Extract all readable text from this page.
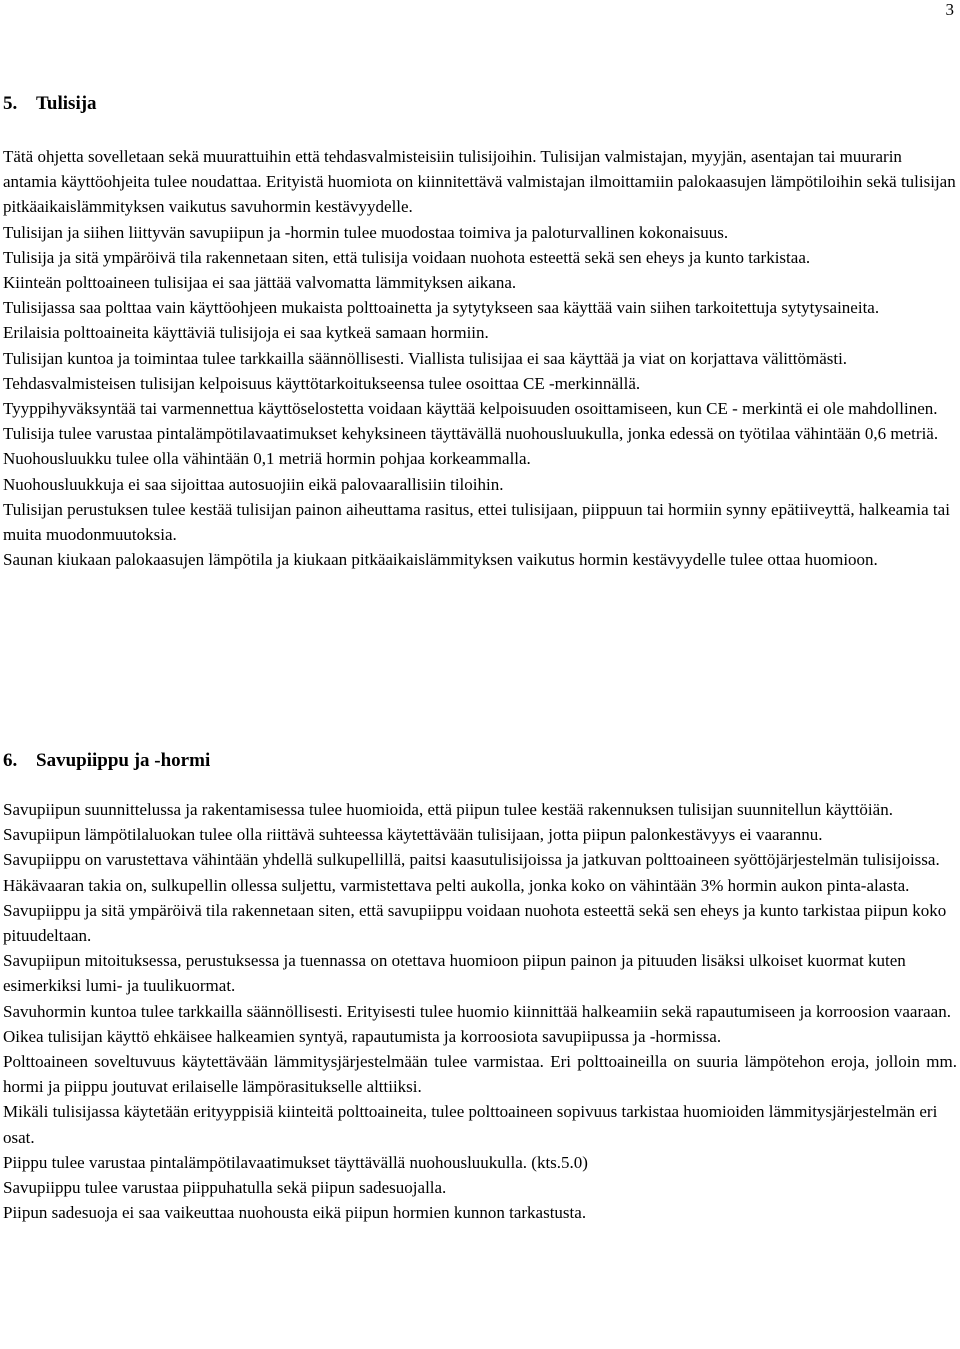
3
5. Tulisija

Tätä ohjetta sovelletaan sekä muurattuihin että tehdasvalmisteisiin tulisijoihin. Tulisijan valmistajan, myyjän, asentajan tai muurarin antamia käyttöohjeita tulee noudattaa. Erityistä huomiota on kiinnitettävä valmistajan ilmoittamiin palokaasujen lämpötiloihin sekä tulisijan pitkäaikaislämmityksen vaikutus savuhormin kestävyydelle.

Tulisijan ja siihen liittyvän savupiipun ja -hormin tulee muodostaa toimiva ja paloturvallinen kokonaisuus.

Tulisija ja sitä ympäröivä tila rakennetaan siten, että tulisija voidaan nuohota esteettä sekä sen eheys ja kunto tarkistaa.

Kiinteän polttoaineen tulisijaa ei saa jättää valvomatta lämmityksen aikana.

Tulisijassa saa polttaa vain käyttöohjeen mukaista polttoainetta ja sytytykseen saa käyttää vain siihen tarkoitettuja sytytysaineita.

Erilaisia polttoaineita käyttäviä tulisijoja ei saa kytkeä samaan hormiin.

Tulisijan kuntoa ja toimintaa tulee tarkkailla säännöllisesti. Viallista tulisijaa ei saa käyttää ja viat on korjattava välittömästi.

Tehdasvalmisteisen tulisijan kelpoisuus käyttötarkoitukseensa tulee osoittaa CE -merkinnällä.

Tyyppihyväksyntää tai varmennettua käyttöselostetta voidaan käyttää kelpoisuuden osoittamiseen, kun CE - merkintä ei ole mahdollinen.

Tulisija tulee varustaa pintalämpötilavaatimukset kehyksineen täyttävällä nuohousluukulla, jonka edessä on työtilaa vähintään 0,6 metriä. Nuohousluukku tulee olla vähintään 0,1 metriä hormin pohjaa korkeammalla.

Nuohousluukkuja ei saa sijoittaa autosuojiin eikä palovaarallisiin tiloihin.

Tulisijan perustuksen tulee kestää tulisijan painon aiheuttama rasitus, ettei tulisijaan, piippuun tai hormiin synny epätiiveyttä, halkeamia tai muita muodonmuutoksia.

Saunan kiukaan palokaasujen lämpötila ja kiukaan pitkäaikaislämmityksen vaikutus hormin kestävyydelle tulee ottaa huomioon.

6. Savupiippu ja -hormi

Savupiipun suunnittelussa ja rakentamisessa tulee huomioida, että piipun tulee kestää rakennuksen tulisijan suunnitellun käyttöiän.

Savupiipun lämpötilaluokan tulee olla riittävä suhteessa käytettävään tulisijaan, jotta piipun palonkestävyys ei vaarannu.

Savupiippu on varustettava vähintään yhdellä sulkupellillä, paitsi kaasutulisijoissa ja jatkuvan polttoaineen syöttöjärjestelmän tulisijoissa.

Häkävaaran takia on, sulkupellin ollessa suljettu, varmistettava pelti aukolla, jonka koko on vähintään 3% hormin aukon pinta-alasta.

Savupiippu ja sitä ympäröivä tila rakennetaan siten, että savupiippu voidaan nuohota esteettä sekä sen eheys ja kunto tarkistaa piipun koko pituudeltaan.

Savupiipun mitoituksessa, perustuksessa ja tuennassa on otettava huomioon piipun painon ja pituuden lisäksi ulkoiset kuormat kuten esimerkiksi lumi- ja tuulikuormat.

Savuhormin kuntoa tulee tarkkailla säännöllisesti. Erityisesti tulee huomio kiinnittää halkeamiin sekä rapautumiseen ja korroosion vaaraan. Oikea tulisijan käyttö ehkäisee halkeamien syntyä, rapautumista ja korroosiota savupiipussa ja -hormissa.

Polttoaineen soveltuvuus käytettävään lämmitysjärjestelmään tulee varmistaa. Eri polttoaineilla on suuria lämpötehon eroja, jolloin mm. hormi ja piippu joutuvat erilaiselle lämpörasitukselle alttiiksi.

Mikäli tulisijassa käytetään erityyppisiä kiinteitä polttoaineita, tulee polttoaineen sopivuus tarkistaa huomioiden lämmitysjärjestelmän eri osat.

Piippu tulee varustaa pintalämpötilavaatimukset täyttävällä nuohousluukulla. (kts.5.0)

Savupiippu tulee varustaa piippuhatulla sekä piipun sadesuojalla.

Piipun sadesuoja ei saa vaikeuttaa nuohousta eikä piipun hormien kunnon tarkastusta.
